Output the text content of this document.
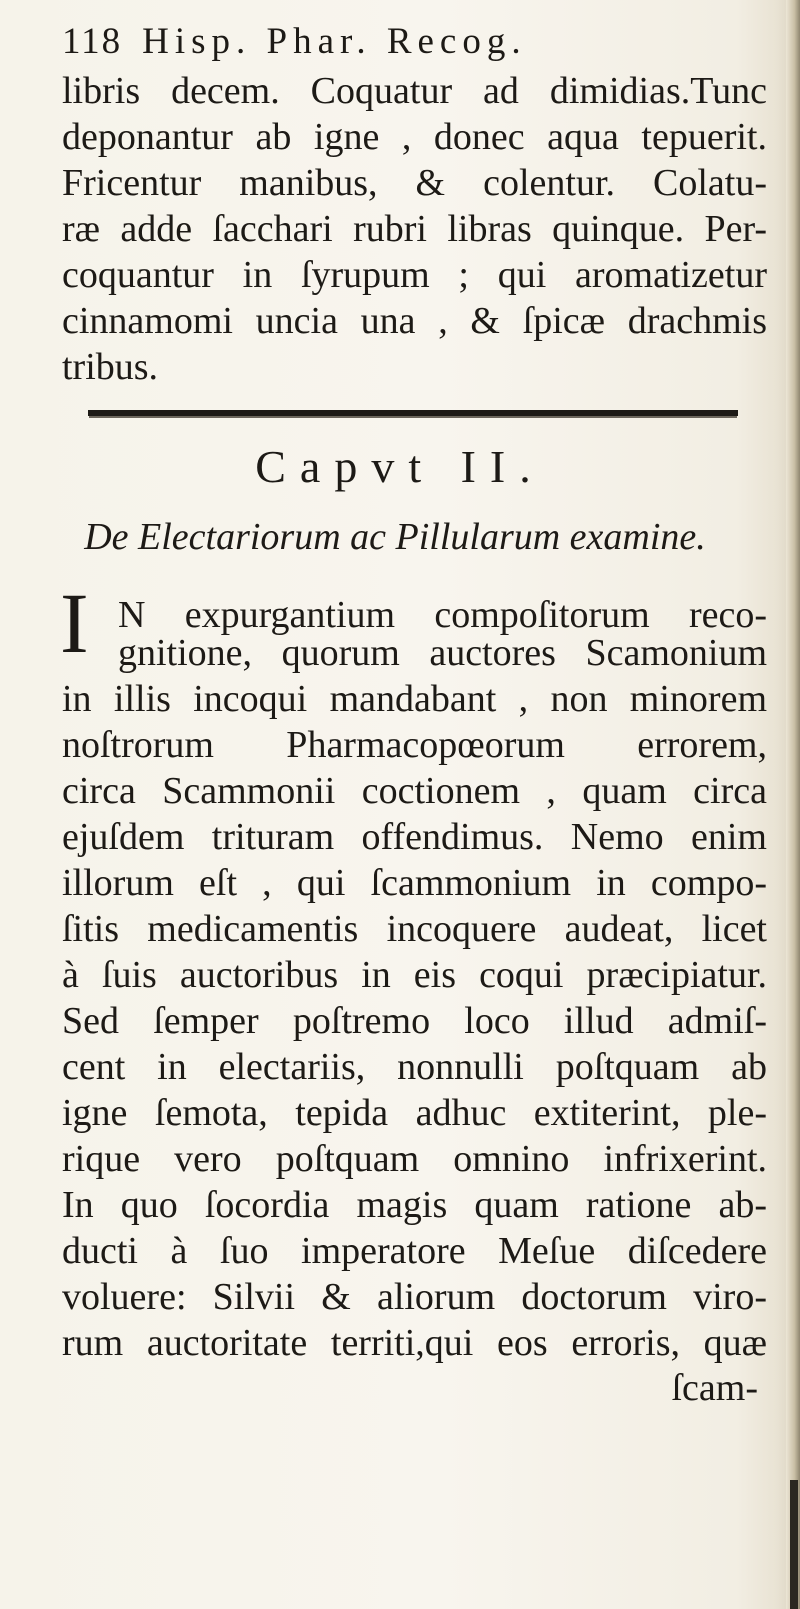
118 Hisp. Phar. Recog.
libris decem. Coquatur ad dimidias.Tunc
deponantur ab igne , donec aqua tepuerit.
Fricentur manibus, & colentur. Colatu-
ræ adde ſacchari rubri libras quinque. Per-
coquantur in ſyrupum ; qui aromatizetur
cinnamomi uncia una , & ſpicæ drachmis
tribus.
Capvt II.
De Electariorum ac Pillularum examine.
I N expurgantium compoſitorum reco-
gnitione, quorum auctores Scamonium
in illis incoqui mandabant , non minorem
noſtrorum Pharmacopœorum errorem,
circa Scammonii coctionem , quam circa
ejuſdem trituram offendimus. Nemo enim
illorum eſt , qui ſcammonium in compo-
ſitis medicamentis incoquere audeat, licet
à ſuis auctoribus in eis coqui præcipiatur.
Sed ſemper poſtremo loco illud admiſ-
cent in electariis, nonnulli poſtquam ab
igne ſemota, tepida adhuc extiterint, ple-
rique vero poſtquam omnino infrixerint.
In quo ſocordia magis quam ratione ab-
ducti à ſuo imperatore Meſue diſcedere
voluere: Silvii & aliorum doctorum viro-
rum auctoritate territi,qui eos erroris, quæ
ſcam-
